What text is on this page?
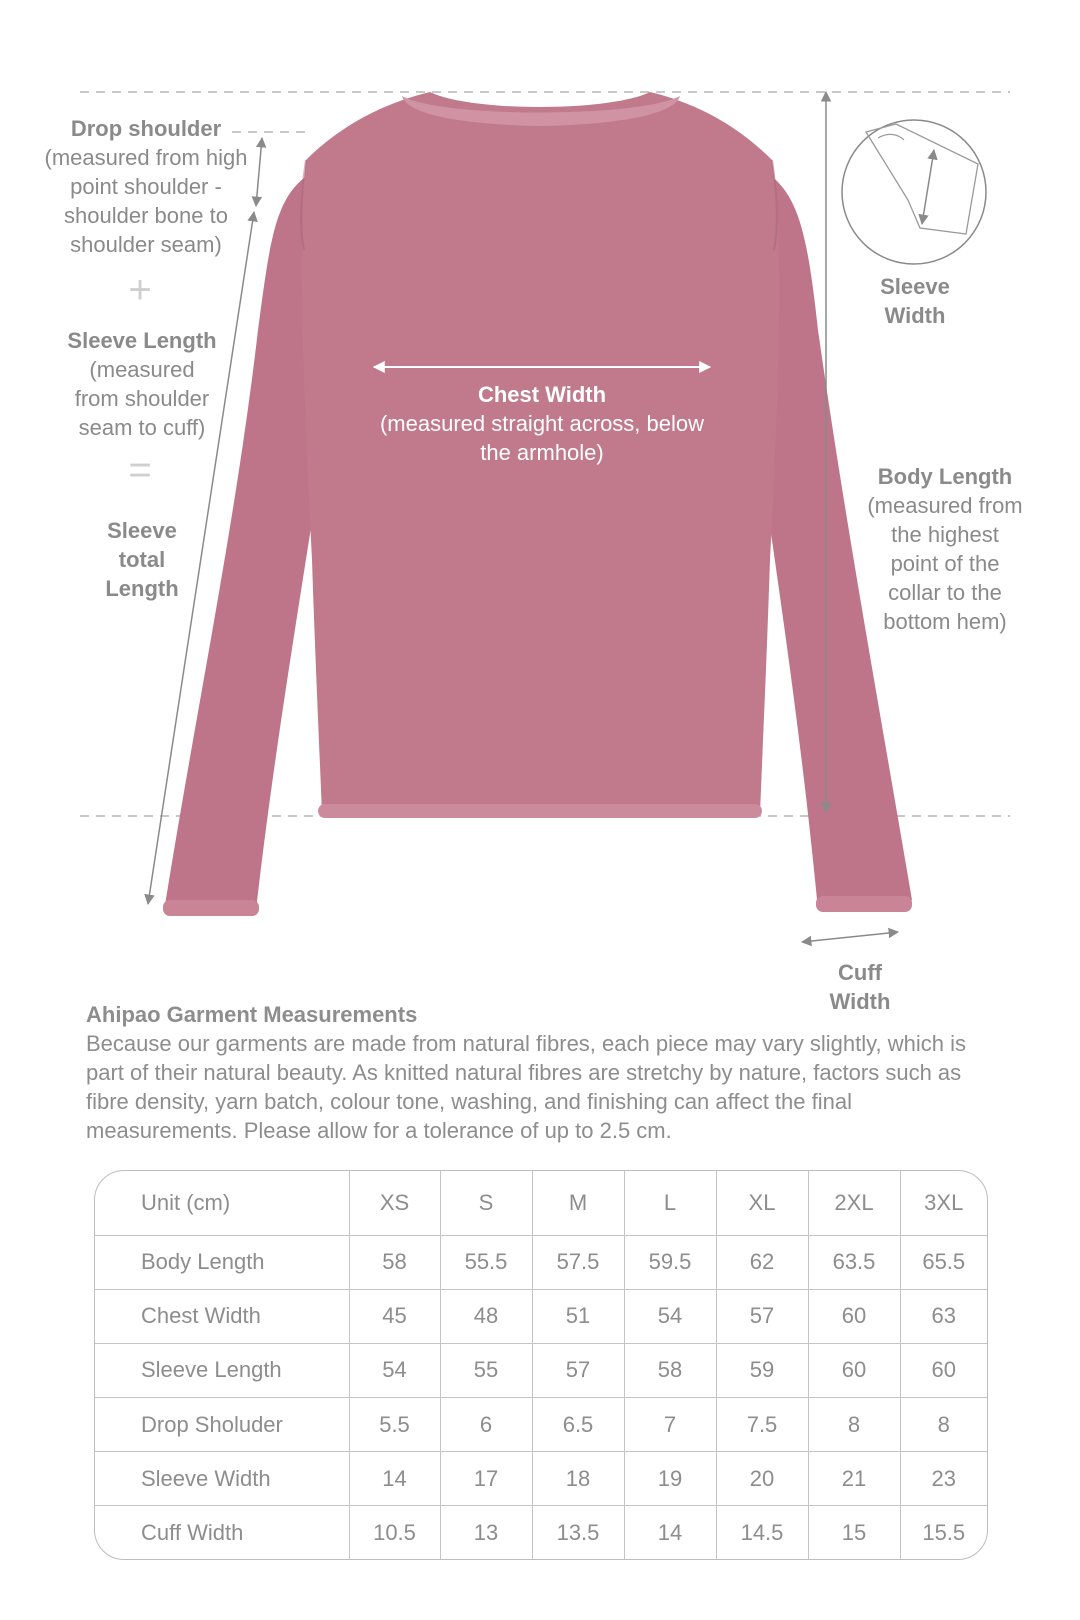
Drop shoulder
(measured from high
point shoulder -
shoulder bone to
shoulder seam)
+
Sleeve Length
(measured
from shoulder
seam to cuff)
=
Sleeve
total
Length
Chest Width
(measured straight across, below
the armhole)
Sleeve
Width
Body Length
(measured from
the highest
point of the
collar to the
bottom hem)
Cuff
Width
Ahipao Garment Measurements
Because our garments are made from natural fibres, each piece may vary slightly, which is part of their natural beauty. As knitted natural fibres are stretchy by nature, factors such as fibre density, yarn batch, colour tone, washing, and finishing can affect the final measurements. Please allow for a tolerance of up to 2.5 cm.
Unit (cm)	XS	S	M	L	XL	2XL	3XL
Body Length	58	55.5	57.5	59.5	62	63.5	65.5
Chest Width	45	48	51	54	57	60	63
Sleeve Length	54	55	57	58	59	60	60
Drop Sholuder	5.5	6	6.5	7	7.5	8	8
Sleeve Width	14	17	18	19	20	21	23
Cuff Width	10.5	13	13.5	14	14.5	15	15.5
